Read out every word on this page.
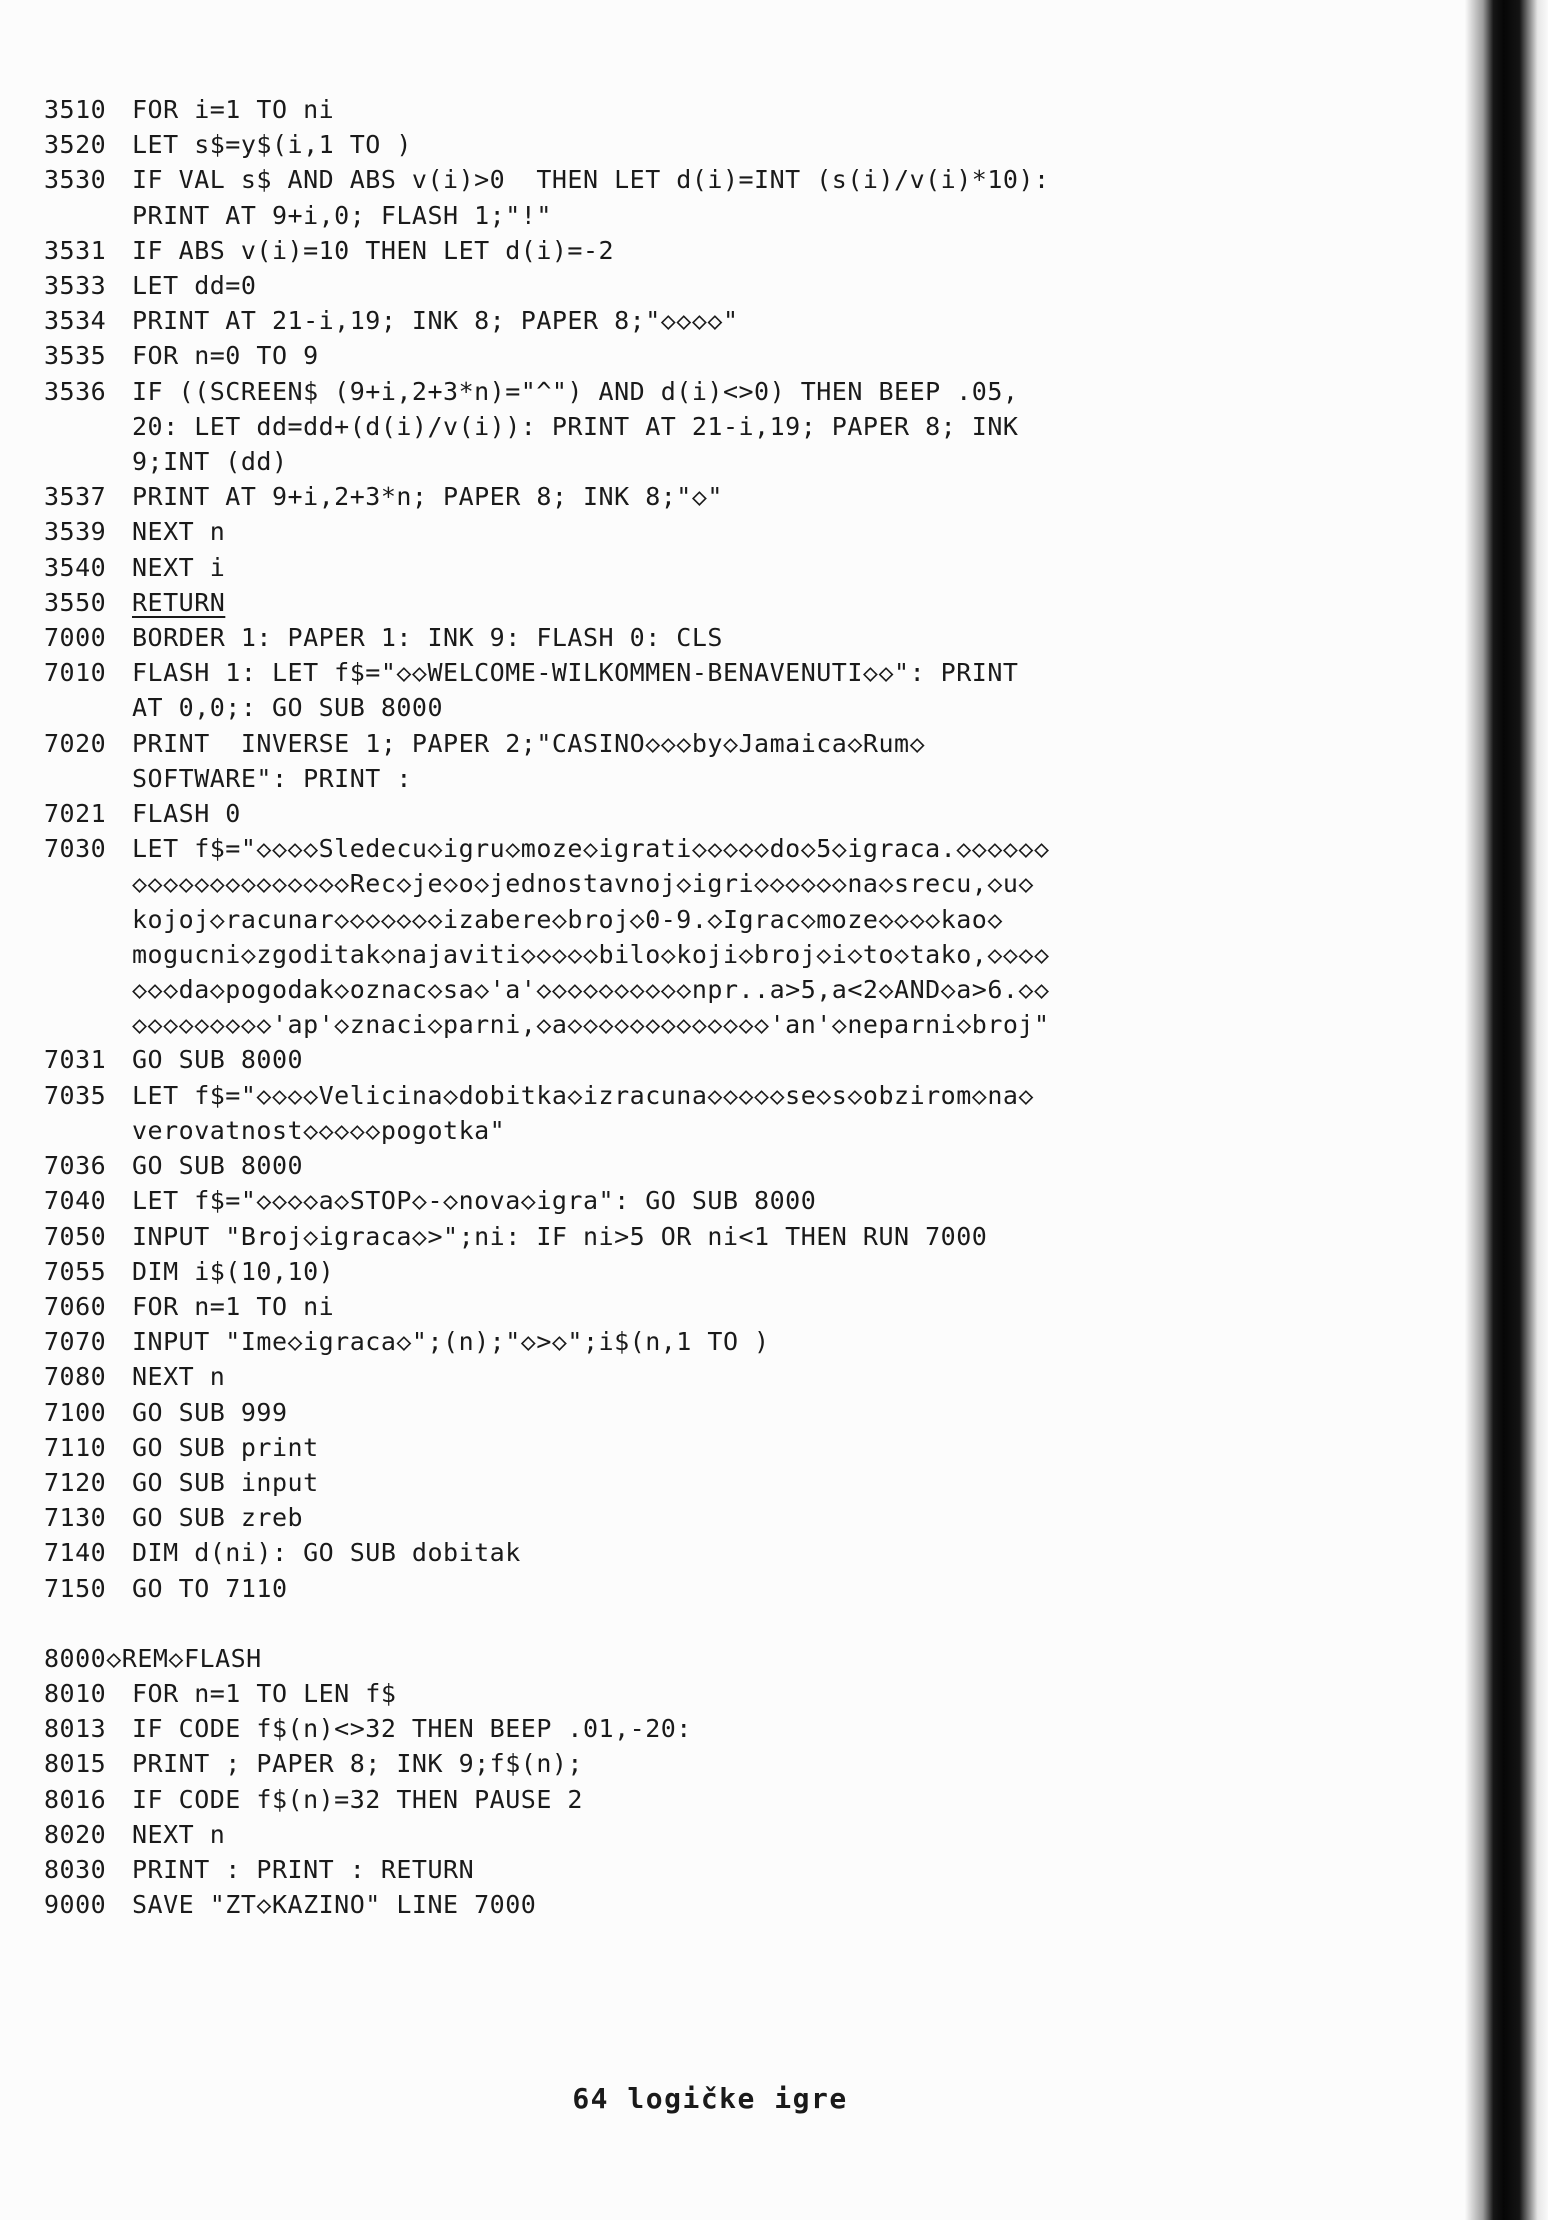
3510	FOR i=1 TO ni
3520	LET s$=y$(i,1 TO )
3530	IF VAL s$ AND ABS v(i)>0  THEN LET d(i)=INT (s(i)/v(i)*10):
PRINT AT 9+i,0; FLASH 1;"!"
3531	IF ABS v(i)=10 THEN LET d(i)=-2
3533	LET dd=0
3534	PRINT AT 21-i,19; INK 8; PAPER 8;"◇◇◇◇"
3535	FOR n=0 TO 9
3536	IF ((SCREEN$ (9+i,2+3*n)="^") AND d(i)<>0) THEN BEEP .05,
20: LET dd=dd+(d(i)/v(i)): PRINT AT 21-i,19; PAPER 8; INK
9;INT (dd)
3537	PRINT AT 9+i,2+3*n; PAPER 8; INK 8;"◇"
3539	NEXT n
3540	NEXT i
3550	RETURN
7000	BORDER 1: PAPER 1: INK 9: FLASH 0: CLS
7010	FLASH 1: LET f$="◇◇WELCOME-WILKOMMEN-BENAVENUTI◇◇": PRINT
AT 0,0;: GO SUB 8000
7020	PRINT  INVERSE 1; PAPER 2;"CASINO◇◇◇by◇Jamaica◇Rum◇
SOFTWARE": PRINT :
7021	FLASH 0
7030	LET f$="◇◇◇◇Sledecu◇igru◇moze◇igrati◇◇◇◇◇do◇5◇igraca.◇◇◇◇◇◇
◇◇◇◇◇◇◇◇◇◇◇◇◇◇Rec◇je◇o◇jednostavnoj◇igri◇◇◇◇◇◇na◇srecu,◇u◇
kojoj◇racunar◇◇◇◇◇◇◇izabere◇broj◇0-9.◇Igrac◇moze◇◇◇◇kao◇
mogucni◇zgoditak◇najaviti◇◇◇◇◇bilo◇koji◇broj◇i◇to◇tako,◇◇◇◇
◇◇◇da◇pogodak◇oznac◇sa◇'a'◇◇◇◇◇◇◇◇◇◇npr..a>5,a<2◇AND◇a>6.◇◇
◇◇◇◇◇◇◇◇◇'ap'◇znaci◇parni,◇a◇◇◇◇◇◇◇◇◇◇◇◇◇'an'◇neparni◇broj"
7031	GO SUB 8000
7035	LET f$="◇◇◇◇Velicina◇dobitka◇izracuna◇◇◇◇◇se◇s◇obzirom◇na◇
verovatnost◇◇◇◇◇pogotka"
7036	GO SUB 8000
7040	LET f$="◇◇◇◇a◇STOP◇-◇nova◇igra": GO SUB 8000
7050	INPUT "Broj◇igraca◇>";ni: IF ni>5 OR ni<1 THEN RUN 7000
7055	DIM i$(10,10)
7060	FOR n=1 TO ni
7070	INPUT "Ime◇igraca◇";(n);"◇>◇";i$(n,1 TO )
7080	NEXT n
7100	GO SUB 999
7110	GO SUB print
7120	GO SUB input
7130	GO SUB zreb
7140	DIM d(ni): GO SUB dobitak
7150	GO TO 7110
8000 ◇REM◇FLASH
8010	FOR n=1 TO LEN f$
8013	IF CODE f$(n)<>32 THEN BEEP .01,-20:
8015	PRINT ; PAPER 8; INK 9;f$(n);
8016	IF CODE f$(n)=32 THEN PAUSE 2
8020	NEXT n
8030	PRINT : PRINT : RETURN
9000	SAVE "ZT◇KAZINO" LINE 7000
64 logičke igre
